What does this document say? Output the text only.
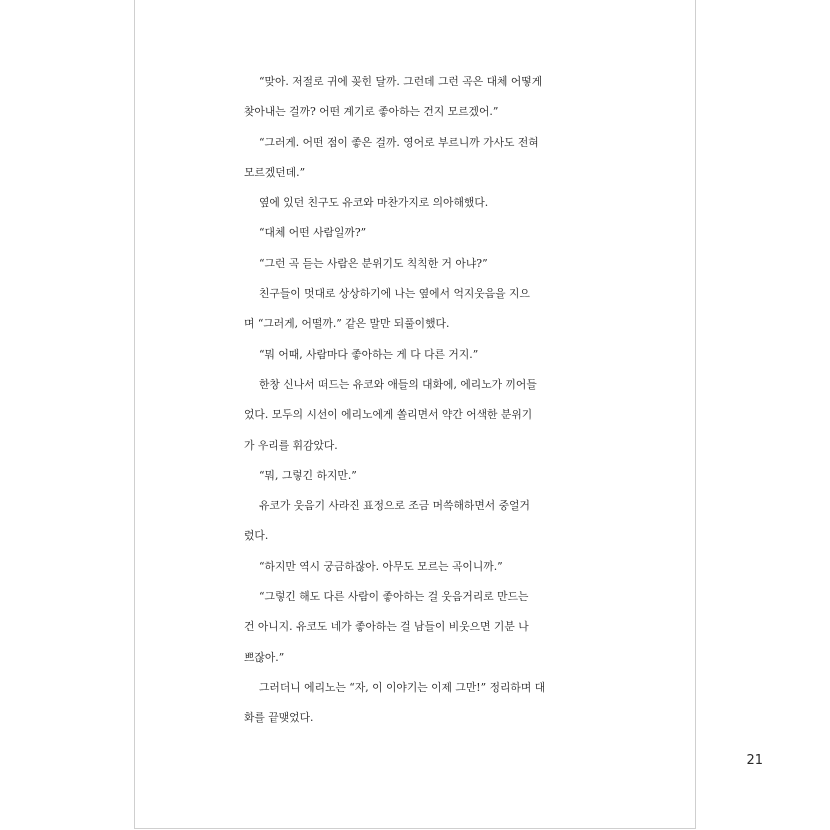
“맞아. 저절로 귀에 꽂힌 달까. 그런데 그런 곡은 대체 어떻게
찾아내는 걸까? 어떤 계기로 좋아하는 건지 모르겠어.”
“그러게. 어떤 점이 좋은 걸까. 영어로 부르니까 가사도 전혀
모르겠던데.”
옆에 있던 친구도 유코와 마찬가지로 의아해했다.
“대체 어떤 사람일까?”
“그런 곡 듣는 사람은 분위기도 칙칙한 거 아냐?”
친구들이 멋대로 상상하기에 나는 옆에서 억지웃음을 지으
며 “그러게, 어떨까.” 같은 말만 되풀이했다.
“뭐 어때, 사람마다 좋아하는 게 다 다른 거지.”
한창 신나서 떠드는 유코와 애들의 대화에, 에리노가 끼어들
었다. 모두의 시선이 에리노에게 쏠리면서 약간 어색한 분위기
가 우리를 휘감았다.
“뭐, 그렇긴 하지만.”
유코가 웃음기 사라진 표정으로 조금 머쓱해하면서 중얼거
렸다.
“하지만 역시 궁금하잖아. 아무도 모르는 곡이니까.”
“그렇긴 해도 다른 사람이 좋아하는 걸 웃음거리로 만드는
건 아니지. 유코도 네가 좋아하는 걸 남들이 비웃으면 기분 나
쁘잖아.”
그러더니 에리노는 “자, 이 이야기는 이제 그만!” 정리하며 대
화를 끝맺었다.
21
